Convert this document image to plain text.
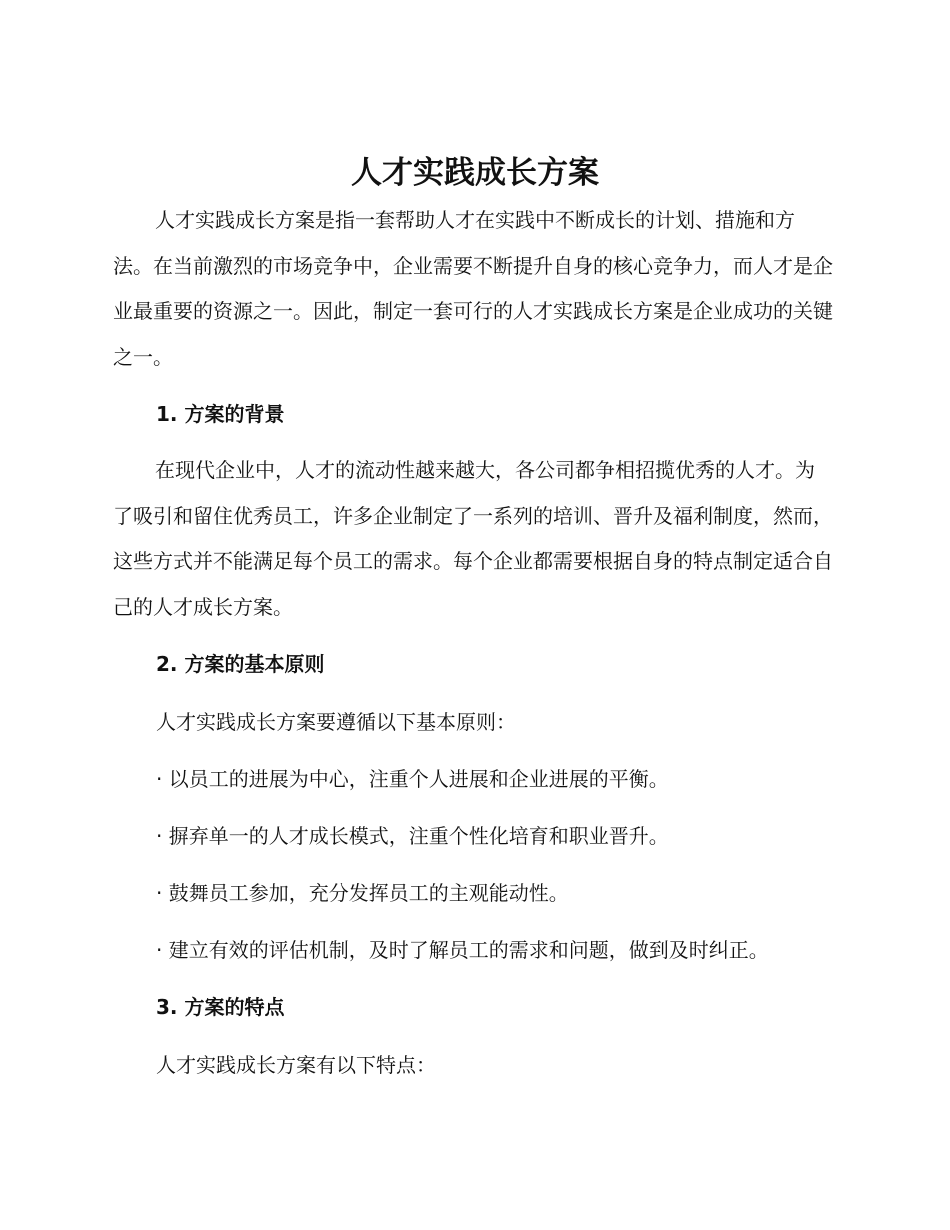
人才实践成长方案

人才实践成长方案是指一套帮助人才在实践中不断成长的计划、措施和方法。在当前激烈的市场竞争中，企业需要不断提升自身的核心竞争力，而人才是企业最重要的资源之一。因此，制定一套可行的人才实践成长方案是企业成功的关键之一。

1. 方案的背景

在现代企业中，人才的流动性越来越大，各公司都争相招揽优秀的人才。为了吸引和留住优秀员工，许多企业制定了一系列的培训、晋升及福利制度，然而，这些方式并不能满足每个员工的需求。每个企业都需要根据自身的特点制定适合自己的人才成长方案。

2. 方案的基本原则

人才实践成长方案要遵循以下基本原则：

· 以员工的进展为中心，注重个人进展和企业进展的平衡。

· 摒弃单一的人才成长模式，注重个性化培育和职业晋升。

· 鼓舞员工参加，充分发挥员工的主观能动性。

· 建立有效的评估机制，及时了解员工的需求和问题，做到及时纠正。

3. 方案的特点

人才实践成长方案有以下特点：
